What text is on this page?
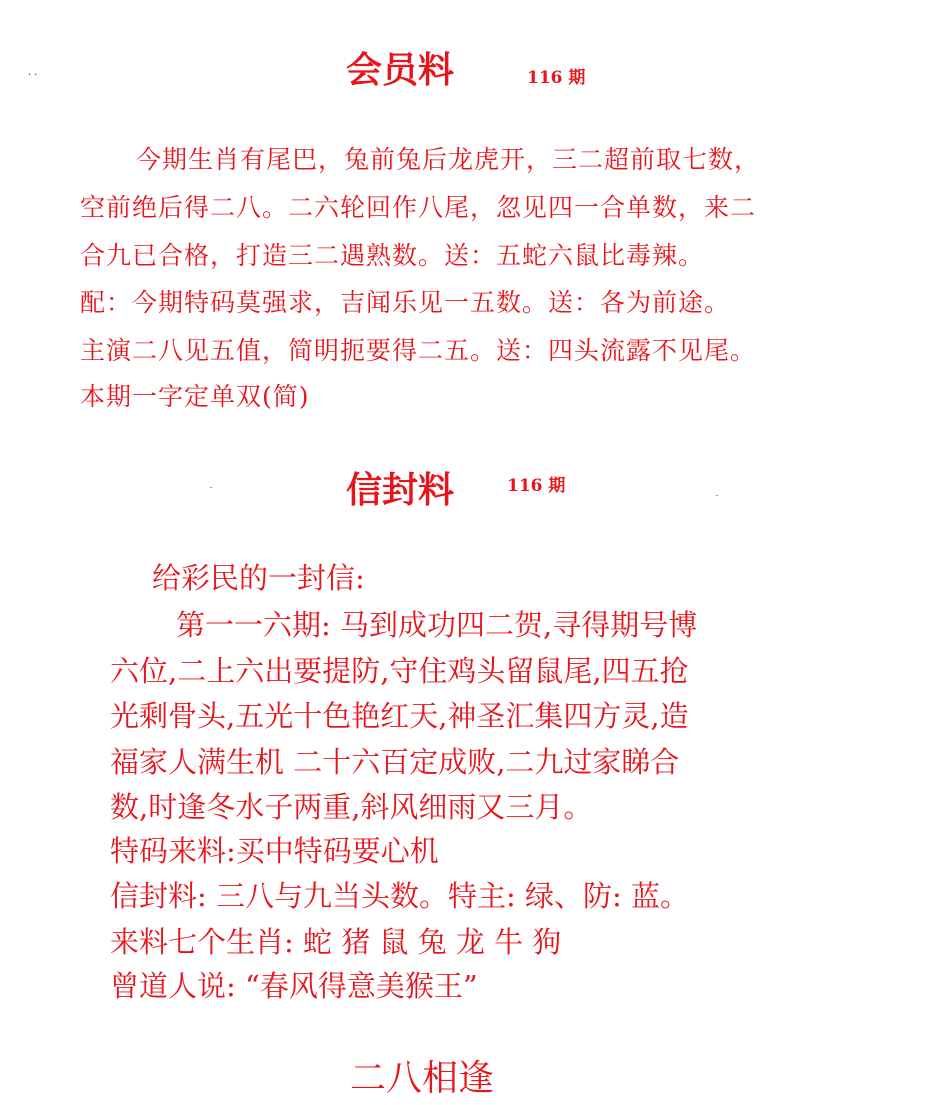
··	会员料	116 期
今期生肖有尾巴，兔前兔后龙虎开，三二超前取七数，
空前绝后得二八。二六轮回作八尾，忽见四一合单数，来二
合九已合格，打造三二遇熟数。送：五蛇六鼠比毒辣。
配：今期特码莫强求，吉闻乐见一五数。送：各为前途。
主演二八见五值，简明扼要得二五。送：四头流露不见尾。
本期一字定单双(简)
信封料	116 期
给彩民的一封信:
第一一六期: 马到成功四二贺,寻得期号博
六位,二上六出要提防,守住鸡头留鼠尾,四五抢
光剩骨头,五光十色艳红天,神圣汇集四方灵,造
福家人满生机 二十六百定成败,二九过家睇合
数,时逢冬水子两重,斜风细雨又三月。
特码来料:买中特码要心机
信封料: 三八与九当头数。特主: 绿、防: 蓝。
来料七个生肖: 蛇 猪 鼠 兔 龙 牛 狗
曾道人说: “春风得意美猴王”
二八相逢
